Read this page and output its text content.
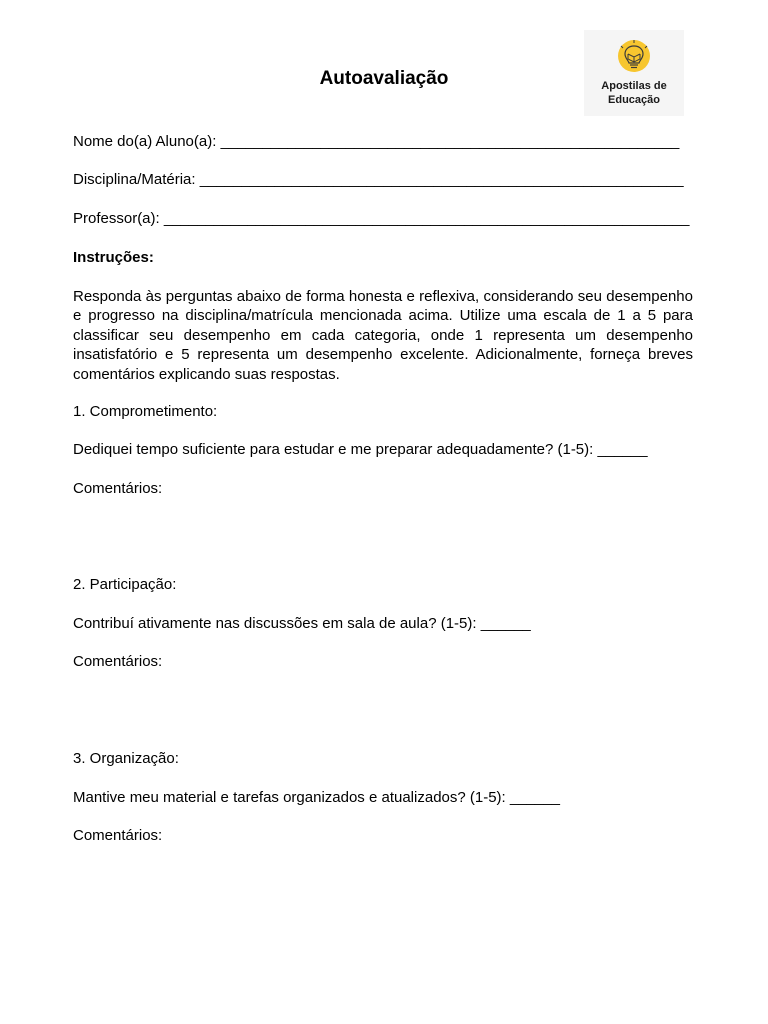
Autoavaliação	Apostilas de
Educação
Nome do(a) Aluno(a): _______________________________________________________
Disciplina/Matéria: __________________________________________________________
Professor(a): _______________________________________________________________
Instruções:
Responda às perguntas abaixo de forma honesta e reflexiva, considerando seu desempenho e progresso na disciplina/matrícula mencionada acima. Utilize uma escala de 1 a 5 para classificar seu desempenho em cada categoria, onde 1 representa um desempenho insatisfatório e 5 representa um desempenho excelente. Adicionalmente, forneça breves comentários explicando suas respostas.
1. Comprometimento:
Dediquei tempo suficiente para estudar e me preparar adequadamente? (1-5): ______
Comentários:
2. Participação:
Contribuí ativamente nas discussões em sala de aula? (1-5): ______
Comentários:
3. Organização:
Mantive meu material e tarefas organizados e atualizados? (1-5): ______
Comentários:
